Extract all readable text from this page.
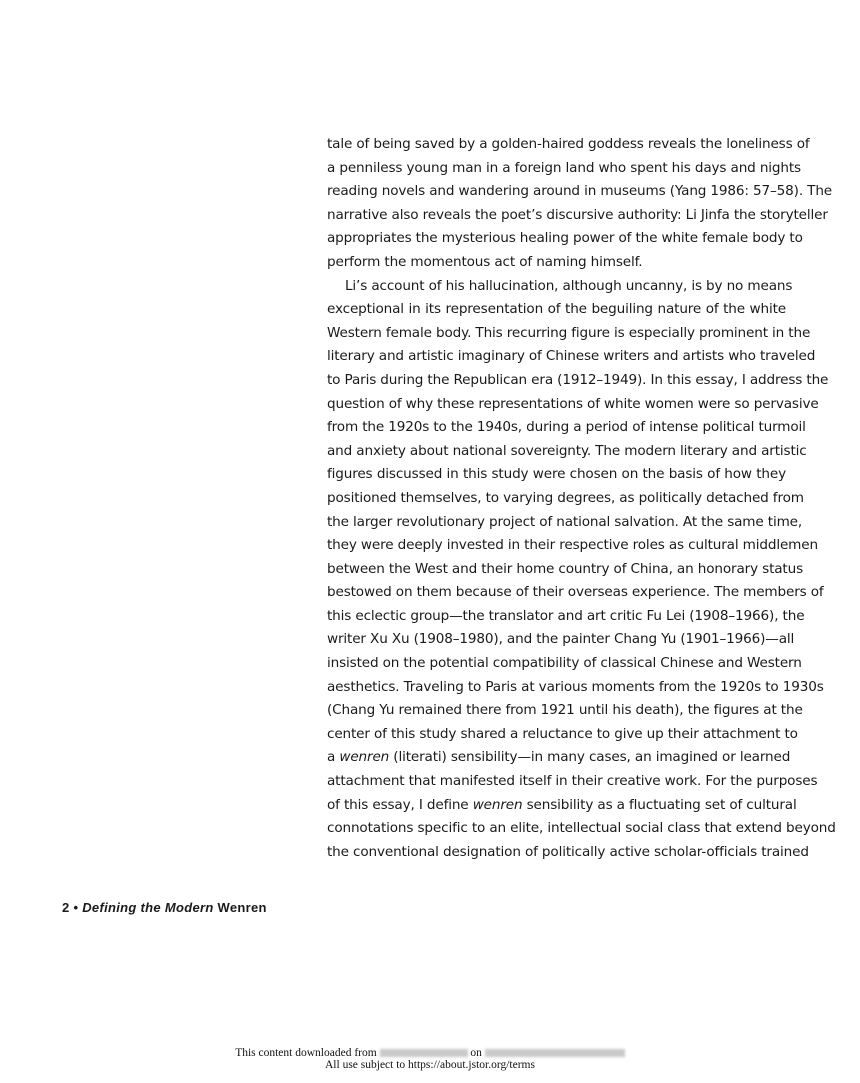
tale of being saved by a golden-haired goddess reveals the loneliness of
a penniless young man in a foreign land who spent his days and nights
reading novels and wandering around in museums (Yang 1986: 57–58). The
narrative also reveals the poet’s discursive authority: Li Jinfa the storyteller
appropriates the mysterious healing power of the white female body to
perform the momentous act of naming himself.
Li’s account of his hallucination, although uncanny, is by no means
exceptional in its representation of the beguiling nature of the white
Western female body. This recurring figure is especially prominent in the
literary and artistic imaginary of Chinese writers and artists who traveled
to Paris during the Republican era (1912–1949). In this essay, I address the
question of why these representations of white women were so pervasive
from the 1920s to the 1940s, during a period of intense political turmoil
and anxiety about national sovereignty. The modern literary and artistic
figures discussed in this study were chosen on the basis of how they
positioned themselves, to varying degrees, as politically detached from
the larger revolutionary project of national salvation. At the same time,
they were deeply invested in their respective roles as cultural middlemen
between the West and their home country of China, an honorary status
bestowed on them because of their overseas experience. The members of
this eclectic group—the translator and art critic Fu Lei (1908–1966), the
writer Xu Xu (1908–1980), and the painter Chang Yu (1901–1966)—all
insisted on the potential compatibility of classical Chinese and Western
aesthetics. Traveling to Paris at various moments from the 1920s to 1930s
(Chang Yu remained there from 1921 until his death), the figures at the
center of this study shared a reluctance to give up their attachment to
a wenren (literati) sensibility—in many cases, an imagined or learned
attachment that manifested itself in their creative work. For the purposes
of this essay, I define wenren sensibility as a fluctuating set of cultural
connotations specific to an elite, intellectual social class that extend beyond
the conventional designation of politically active scholar-officials trained
2 • Defining the Modern Wenren
This content downloaded from	on
All use subject to https://about.jstor.org/terms
